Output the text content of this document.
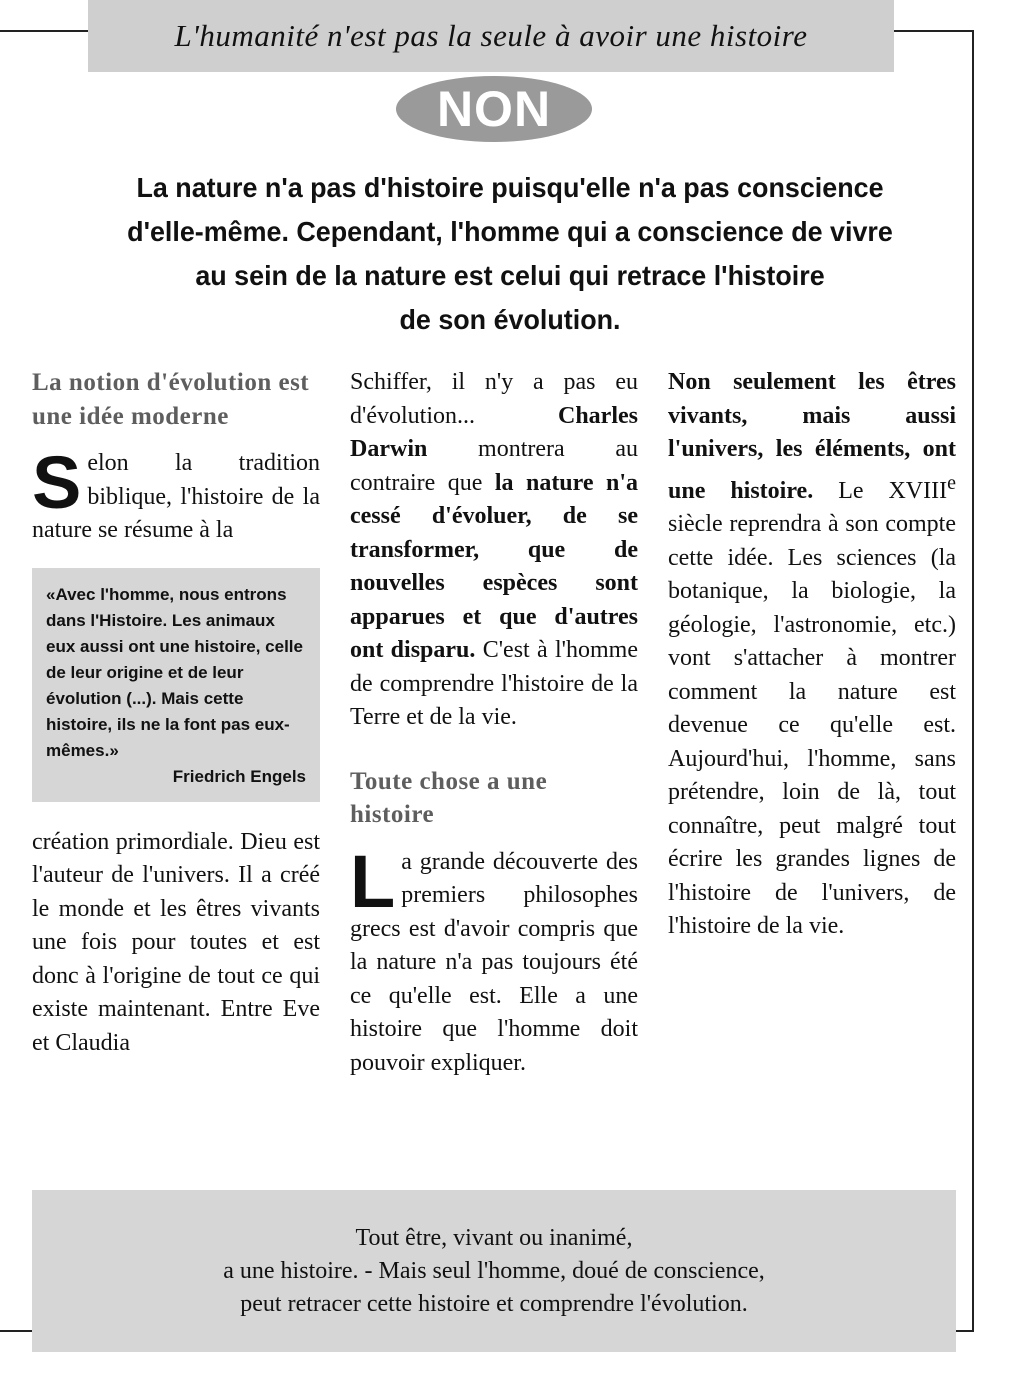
L'humanité n'est pas la seule à avoir une histoire
NON
La nature n'a pas d'histoire puisqu'elle n'a pas conscience
d'elle-même. Cependant, l'homme qui a conscience de vivre
au sein de la nature est celui qui retrace l'histoire
de son évolution.
La notion d'évolution est une idée moderne

S elon la tradition biblique, l'histoire de la nature se résume à la

«Avec l'homme, nous entrons dans l'Histoire. Les animaux eux aussi ont une histoire, celle de leur origine et de leur évolution (...). Mais cette histoire, ils ne la font pas eux-mêmes.»
Friedrich Engels

création primordiale. Dieu est l'auteur de l'univers. Il a créé le monde et les êtres vivants une fois pour toutes et est donc à l'origine de tout ce qui existe maintenant. Entre Eve et Claudia

Schiffer, il n'y a pas eu d'évolution... Charles Darwin montrera au contraire que la nature n'a cessé d'évoluer, de se transformer, que de nouvelles espèces sont apparues et que d'autres ont disparu. C'est à l'homme de comprendre l'histoire de la Terre et de la vie.

Toute chose a une histoire

L a grande découverte des premiers philosophes grecs est d'avoir compris que la nature n'a pas toujours été ce qu'elle est. Elle a une histoire que l'homme doit pouvoir expliquer.

Non seulement les êtres vivants, mais aussi l'univers, les éléments, ont une histoire. Le XVIIIe siècle reprendra à son compte cette idée. Les sciences (la botanique, la biologie, la géologie, l'astronomie, etc.) vont s'attacher à montrer comment la nature est devenue ce qu'elle est. Aujourd'hui, l'homme, sans prétendre, loin de là, tout connaître, peut malgré tout écrire les grandes lignes de l'histoire de l'univers, de l'histoire de la vie.

Tout être, vivant ou inanimé,
a une histoire. - Mais seul l'homme, doué de conscience,
peut retracer cette histoire et comprendre l'évolution.
